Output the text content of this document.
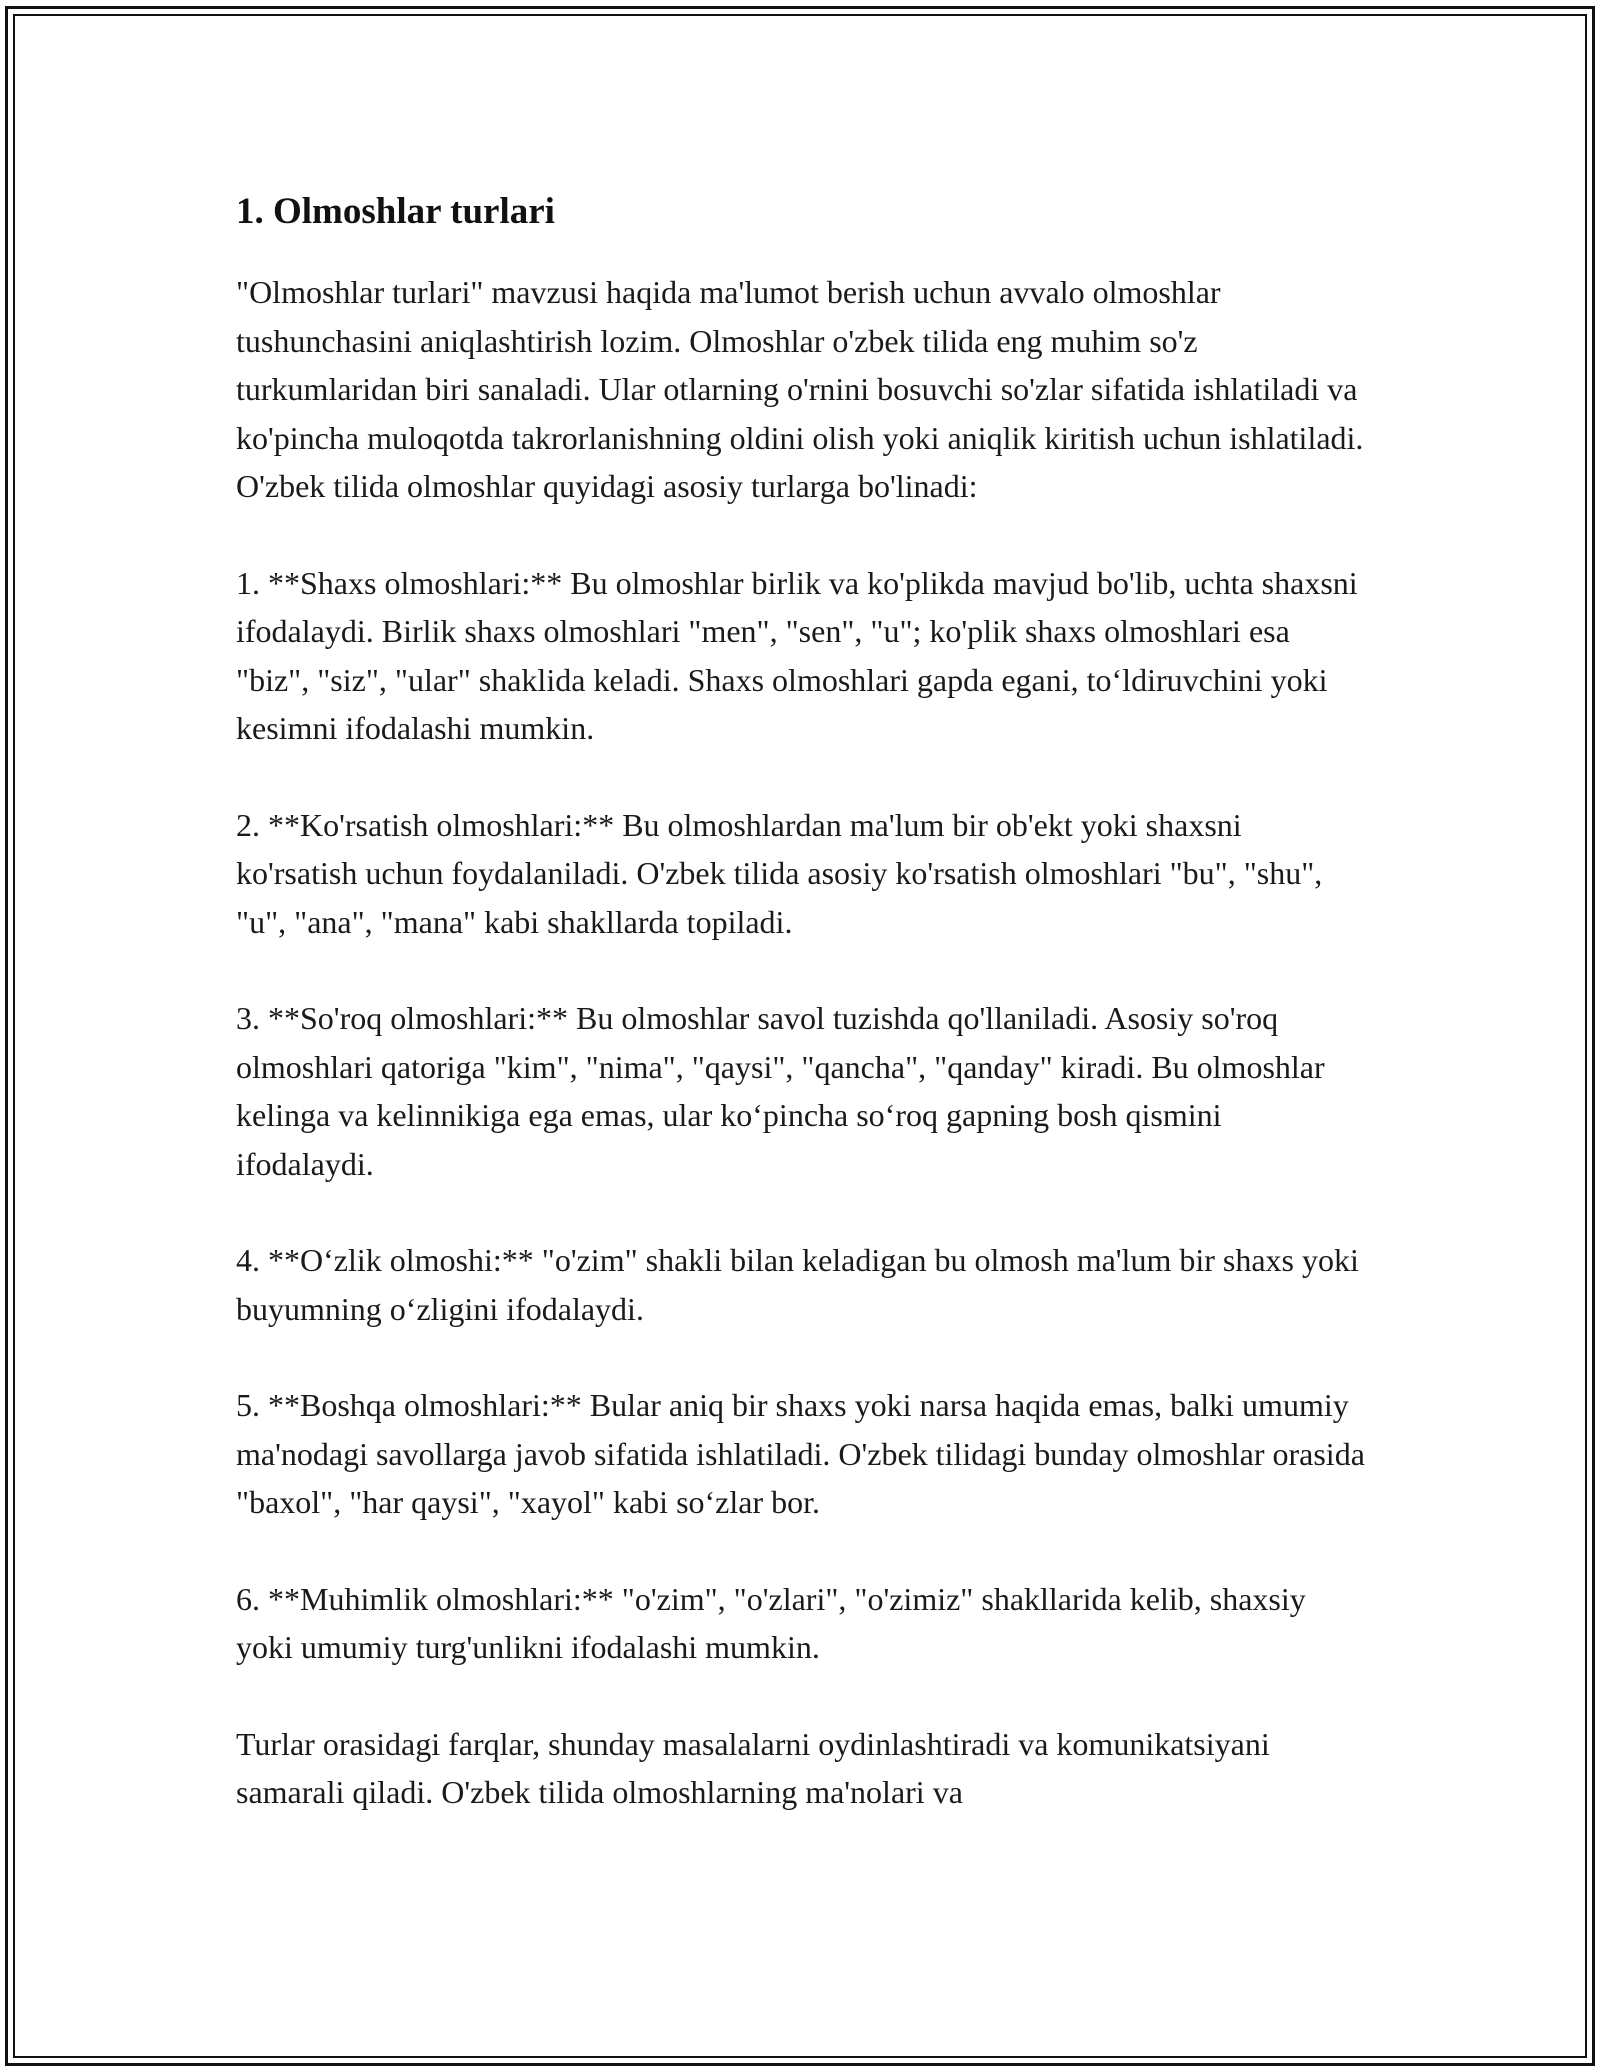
1. Olmoshlar turlari

"Olmoshlar turlari" mavzusi haqida ma'lumot berish uchun avvalo olmoshlar tushunchasini aniqlashtirish lozim. Olmoshlar o'zbek tilida eng muhim so'z turkumlaridan biri sanaladi. Ular otlarning o'rnini bosuvchi so'zlar sifatida ishlatiladi va ko'pincha muloqotda takrorlanishning oldini olish yoki aniqlik kiritish uchun ishlatiladi. O'zbek tilida olmoshlar quyidagi asosiy turlarga bo'linadi:

1. **Shaxs olmoshlari:** Bu olmoshlar birlik va ko'plikda mavjud bo'lib, uchta shaxsni ifodalaydi. Birlik shaxs olmoshlari "men", "sen", "u"; ko'plik shaxs olmoshlari esa "biz", "siz", "ular" shaklida keladi. Shaxs olmoshlari gapda egani, to‘ldiruvchini yoki kesimni ifodalashi mumkin.

2. **Ko'rsatish olmoshlari:** Bu olmoshlardan ma'lum bir ob'ekt yoki shaxsni ko'rsatish uchun foydalaniladi. O'zbek tilida asosiy ko'rsatish olmoshlari "bu", "shu", "u", "ana", "mana" kabi shakllarda topiladi.

3. **So'roq olmoshlari:** Bu olmoshlar savol tuzishda qo'llaniladi. Asosiy so'roq olmoshlari qatoriga "kim", "nima", "qaysi", "qancha", "qanday" kiradi. Bu olmoshlar kelinga va kelinnikiga ega emas, ular ko‘pincha so‘roq gapning bosh qismini ifodalaydi.

4. **O‘zlik olmoshi:** "o'zim" shakli bilan keladigan bu olmosh ma'lum bir shaxs yoki buyumning o‘zligini ifodalaydi.

5. **Boshqa olmoshlari:** Bular aniq bir shaxs yoki narsa haqida emas, balki umumiy ma'nodagi savollarga javob sifatida ishlatiladi. O'zbek tilidagi bunday olmoshlar orasida "baxol", "har qaysi", "xayol" kabi so‘zlar bor.

6. **Muhimlik olmoshlari:** "o'zim", "o'zlari", "o'zimiz" shakllarida kelib, shaxsiy yoki umumiy turg'unlikni ifodalashi mumkin.

Turlar orasidagi farqlar, shunday masalalarni oydinlashtiradi va komunikatsiyani samarali qiladi. O'zbek tilida olmoshlarning ma'nolari va
